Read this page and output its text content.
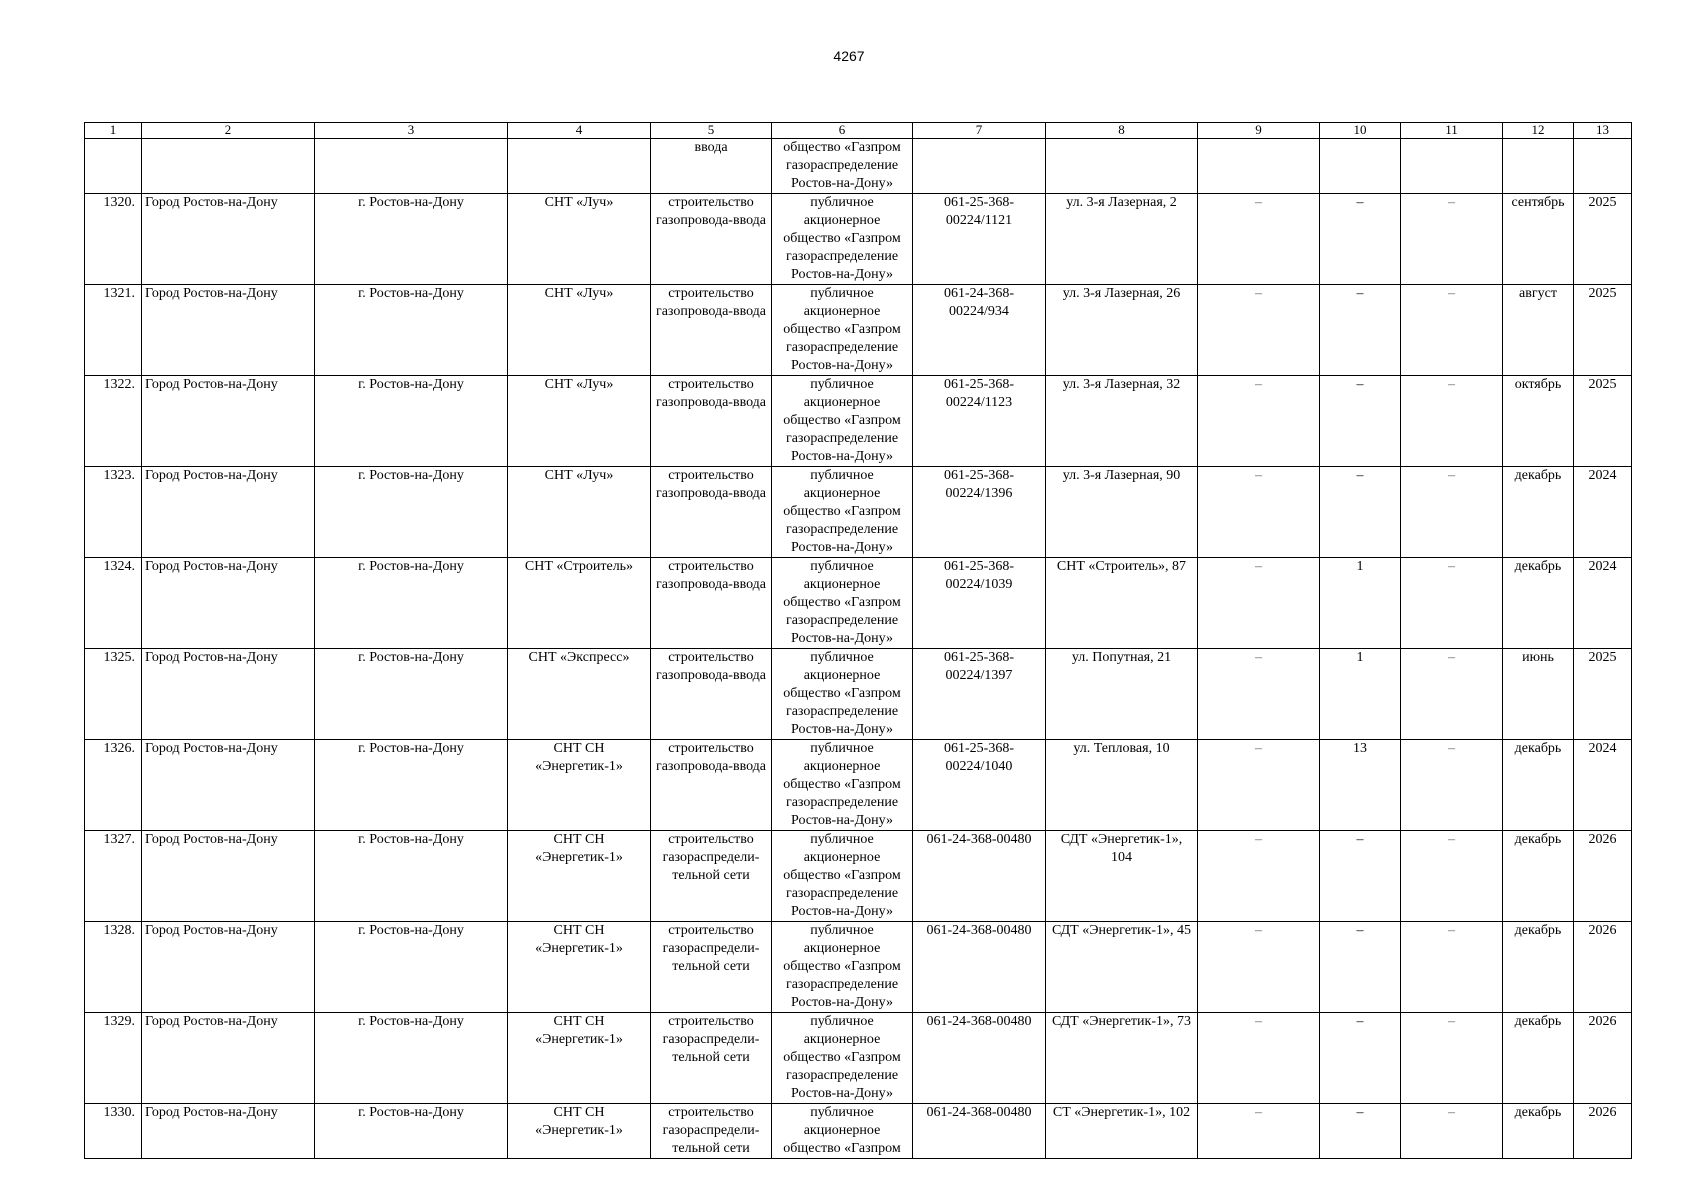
4267
1	2	3	4	5	6	7	8	9	10	11	12	13
				ввода	общество «Газпром газораспределение Ростов-на-Дону»							
1320.	Город Ростов-на-Дону	г. Ростов-на-Дону	СНТ «Луч»	строительство газопровода-ввода	публичное акционерное общество «Газпром газораспределение Ростов-на-Дону»	061-25-368-00224/1121	ул. 3-я Лазерная, 2	–	–	–	сентябрь	2025
1321.	Город Ростов-на-Дону	г. Ростов-на-Дону	СНТ «Луч»	строительство газопровода-ввода	публичное акционерное общество «Газпром газораспределение Ростов-на-Дону»	061-24-368-00224/934	ул. 3-я Лазерная, 26	–	–	–	август	2025
1322.	Город Ростов-на-Дону	г. Ростов-на-Дону	СНТ «Луч»	строительство газопровода-ввода	публичное акционерное общество «Газпром газораспределение Ростов-на-Дону»	061-25-368-00224/1123	ул. 3-я Лазерная, 32	–	–	–	октябрь	2025
1323.	Город Ростов-на-Дону	г. Ростов-на-Дону	СНТ «Луч»	строительство газопровода-ввода	публичное акционерное общество «Газпром газораспределение Ростов-на-Дону»	061-25-368-00224/1396	ул. 3-я Лазерная, 90	–	–	–	декабрь	2024
1324.	Город Ростов-на-Дону	г. Ростов-на-Дону	СНТ «Строитель»	строительство газопровода-ввода	публичное акционерное общество «Газпром газораспределение Ростов-на-Дону»	061-25-368-00224/1039	СНТ «Строитель», 87	–	1	–	декабрь	2024
1325.	Город Ростов-на-Дону	г. Ростов-на-Дону	СНТ «Экспресс»	строительство газопровода-ввода	публичное акционерное общество «Газпром газораспределение Ростов-на-Дону»	061-25-368-00224/1397	ул. Попутная, 21	–	1	–	июнь	2025
1326.	Город Ростов-на-Дону	г. Ростов-на-Дону	СНТ СН «Энергетик-1»	строительство газопровода-ввода	публичное акционерное общество «Газпром газораспределение Ростов-на-Дону»	061-25-368-00224/1040	ул. Тепловая, 10	–	13	–	декабрь	2024
1327.	Город Ростов-на-Дону	г. Ростов-на-Дону	СНТ СН «Энергетик-1»	строительство газораспредели-тельной сети	публичное акционерное общество «Газпром газораспределение Ростов-на-Дону»	061-24-368-00480	СДТ «Энергетик-1», 104	–	–	–	декабрь	2026
1328.	Город Ростов-на-Дону	г. Ростов-на-Дону	СНТ СН «Энергетик-1»	строительство газораспредели-тельной сети	публичное акционерное общество «Газпром газораспределение Ростов-на-Дону»	061-24-368-00480	СДТ «Энергетик-1», 45	–	–	–	декабрь	2026
1329.	Город Ростов-на-Дону	г. Ростов-на-Дону	СНТ СН «Энергетик-1»	строительство газораспредели-тельной сети	публичное акционерное общество «Газпром газораспределение Ростов-на-Дону»	061-24-368-00480	СДТ «Энергетик-1», 73	–	–	–	декабрь	2026
1330.	Город Ростов-на-Дону	г. Ростов-на-Дону	СНТ СН «Энергетик-1»	строительство газораспредели-тельной сети	публичное акционерное общество «Газпром	061-24-368-00480	СТ «Энергетик-1», 102	–	–	–	декабрь	2026
